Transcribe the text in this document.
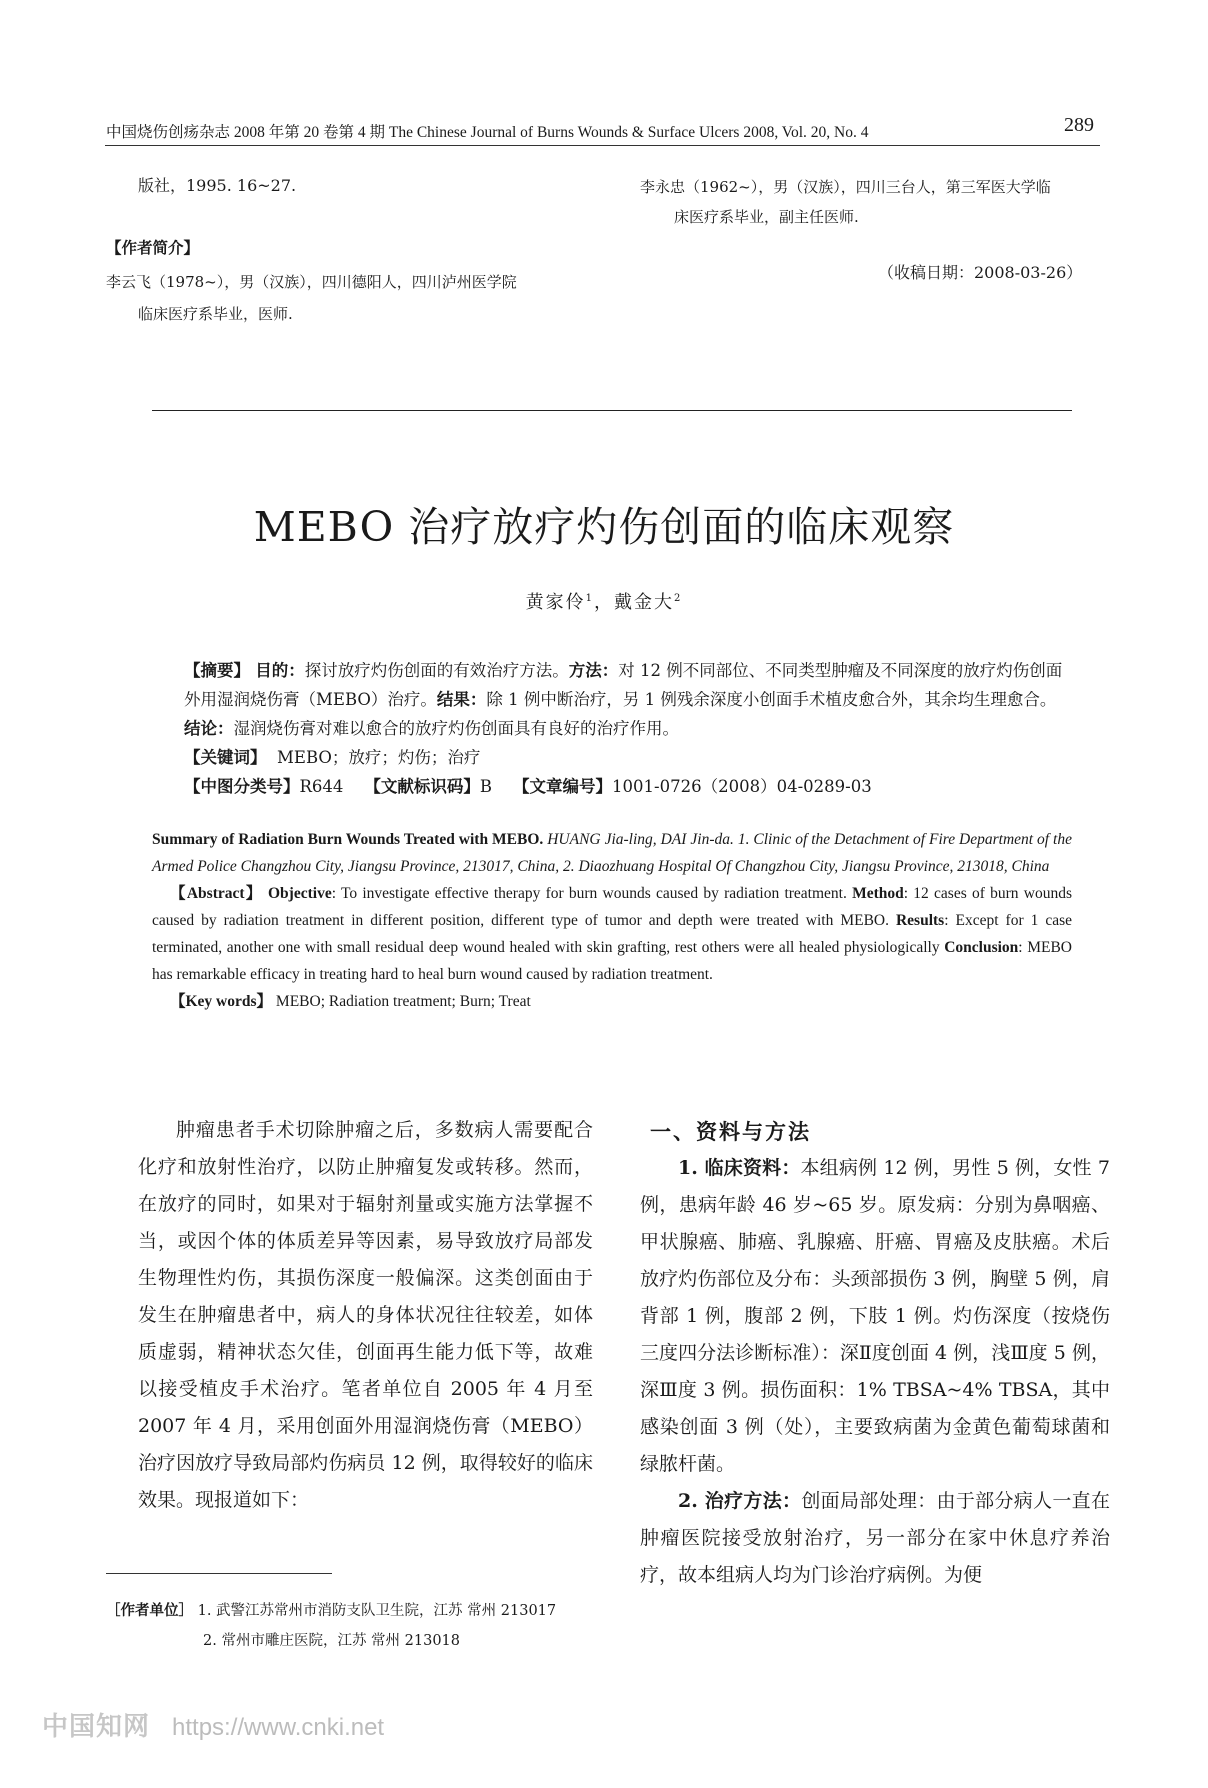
中国烧伤创疡杂志 2008 年第 20 卷第 4 期 The Chinese Journal of Burns Wounds & Surface Ulcers 2008, Vol. 20, No. 4	289
版社，1995. 16~27.	李永忠（1962~），男（汉族），四川三台人，第三军医大学临
床医疗系毕业，副主任医师.
【作者简介】
李云飞（1978~），男（汉族），四川德阳人，四川泸州医学院
临床医疗系毕业，医师.
（收稿日期：2008-03-26）
MEBO 治疗放疗灼伤创面的临床观察
黄家伶$^1$，戴金大$^2$

【摘要】 目的：探讨放疗灼伤创面的有效治疗方法。方法：对 12 例不同部位、不同类型肿瘤及不同深度的放疗灼伤创面外用湿润烧伤膏（MEBO）治疗。结果：除 1 例中断治疗，另 1 例残余深度小创面手术植皮愈合外，其余均生理愈合。结论：湿润烧伤膏对难以愈合的放疗灼伤创面具有良好的治疗作用。

【关键词】 MEBO；放疗；灼伤；治疗

【中图分类号】R644 【文献标识码】B 【文章编号】1001-0726（2008）04-0289-03

Summary of Radiation Burn Wounds Treated with MEBO. HUANG Jia-ling, DAI Jin-da. 1. Clinic of the Detachment of Fire Department of the Armed Police Changzhou City, Jiangsu Province, 213017, China, 2. Diaozhuang Hospital Of Changzhou City, Jiangsu Province, 213018, China

【Abstract】 Objective: To investigate effective therapy for burn wounds caused by radiation treatment. Method: 12 cases of burn wounds caused by radiation treatment in different position, different type of tumor and depth were treated with MEBO. Results: Except for 1 case terminated, another one with small residual deep wound healed with skin grafting, rest others were all healed physiologically Conclusion: MEBO has remarkable efficacy in treating hard to heal burn wound caused by radiation treatment.

【Key words】 MEBO; Radiation treatment; Burn; Treat

肿瘤患者手术切除肿瘤之后，多数病人需要配合化疗和放射性治疗，以防止肿瘤复发或转移。然而，在放疗的同时，如果对于辐射剂量或实施方法掌握不当，或因个体的体质差异等因素，易导致放疗局部发生物理性灼伤，其损伤深度一般偏深。这类创面由于发生在肿瘤患者中，病人的身体状况往往较差，如体质虚弱，精神状态欠佳，创面再生能力低下等，故难以接受植皮手术治疗。笔者单位自 2005 年 4 月至 2007 年 4 月，采用创面外用湿润烧伤膏（MEBO）治疗因放疗导致局部灼伤病员 12 例，取得较好的临床效果。现报道如下：
一、资料与方法

1. 临床资料：本组病例 12 例，男性 5 例，女性 7 例，患病年龄 46 岁~65 岁。原发病：分别为鼻咽癌、甲状腺癌、肺癌、乳腺癌、肝癌、胃癌及皮肤癌。术后放疗灼伤部位及分布：头颈部损伤 3 例，胸壁 5 例，肩背部 1 例，腹部 2 例，下肢 1 例。灼伤深度（按烧伤三度四分法诊断标准）：深Ⅱ度创面 4 例，浅Ⅲ度 5 例，深Ⅲ度 3 例。损伤面积：1% TBSA~4% TBSA，其中感染创面 3 例（处），主要致病菌为金黄色葡萄球菌和绿脓杆菌。

2. 治疗方法：创面局部处理：由于部分病人一直在肿瘤医院接受放射治疗，另一部分在家中休息疗养治疗，故本组病人均为门诊治疗病例。为便

［作者单位］ 1. 武警江苏常州市消防支队卫生院，江苏 常州 213017
2. 常州市雕庄医院，江苏 常州 213018
中国知网 https://www.cnki.net
